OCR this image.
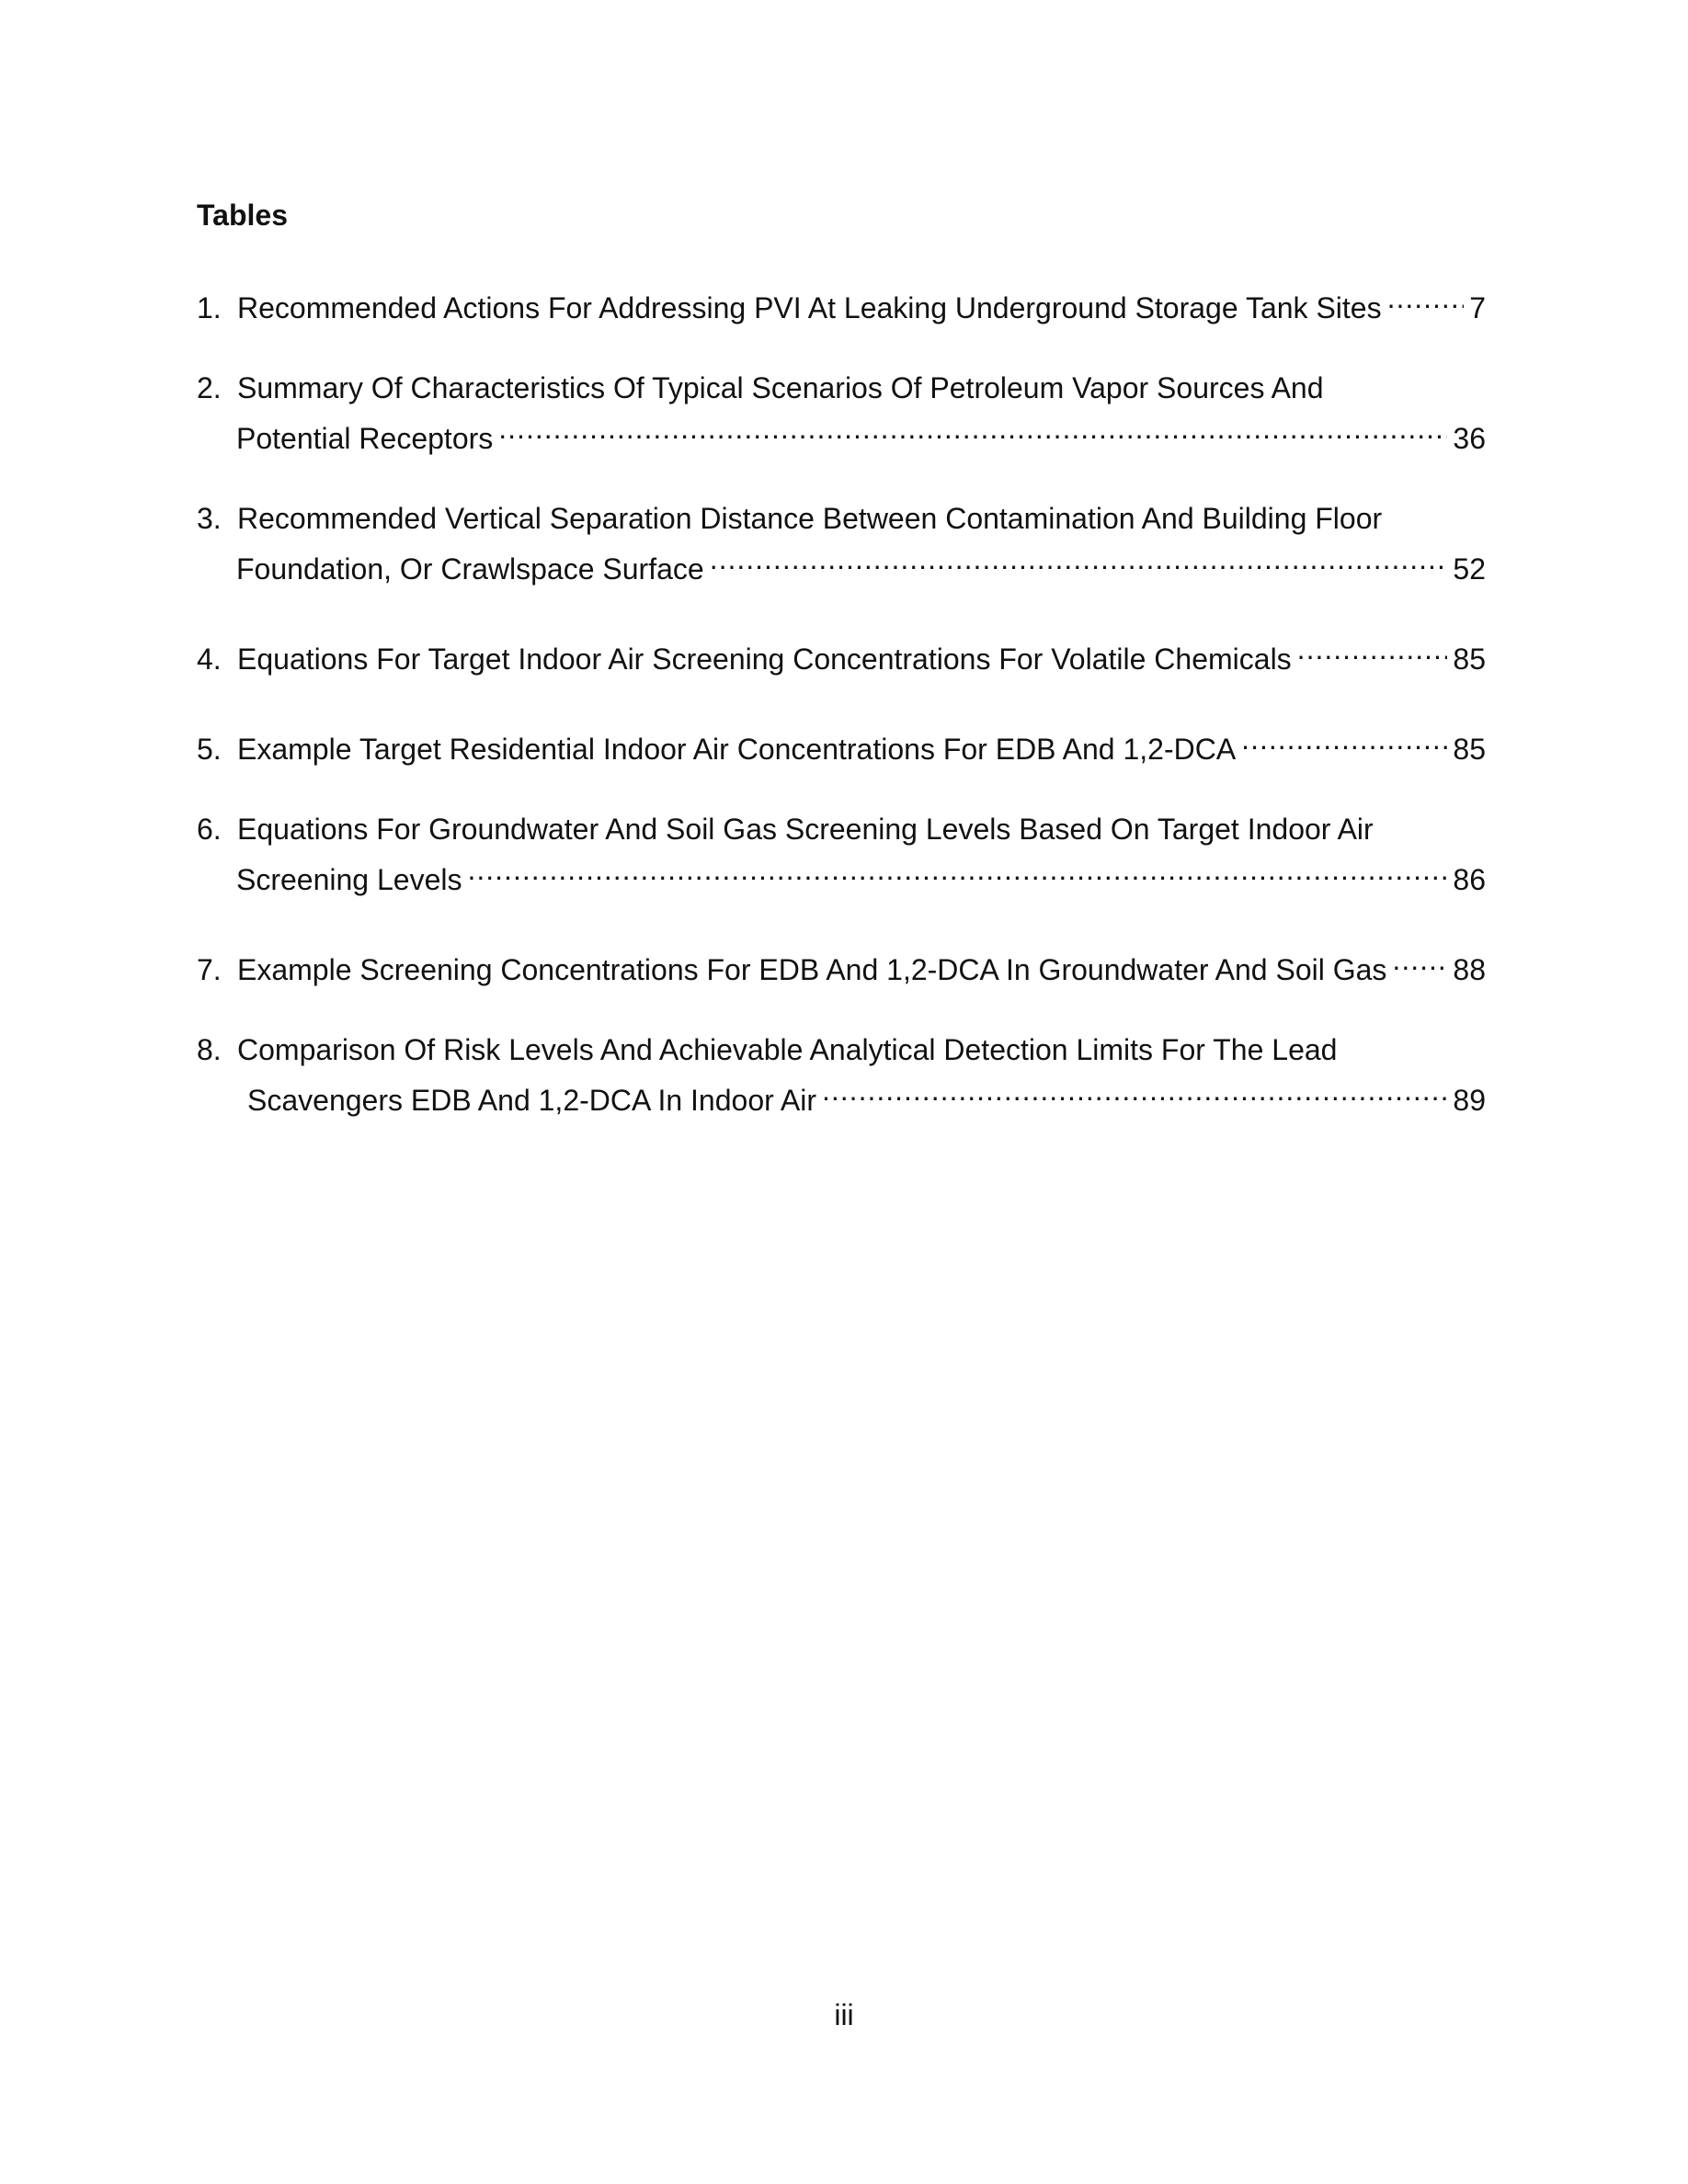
Tables
1. Recommended Actions For Addressing PVI At Leaking Underground Storage Tank Sites .....	7
2. Summary Of Characteristics Of Typical Scenarios Of Petroleum Vapor Sources And
Potential Receptors .....	36
3. Recommended Vertical Separation Distance Between Contamination And Building Floor
Foundation, Or Crawlspace Surface .....	52
4. Equations For Target Indoor Air Screening Concentrations For Volatile Chemicals .....	85
5. Example Target Residential Indoor Air Concentrations For EDB And 1,2-DCA .....	85
6. Equations For Groundwater And Soil Gas Screening Levels Based On Target Indoor Air
Screening Levels .....	86
7. Example Screening Concentrations For EDB And 1,2-DCA In Groundwater And Soil Gas ..... 88
8. Comparison Of Risk Levels And Achievable Analytical Detection Limits For The Lead
Scavengers EDB And 1,2-DCA In Indoor Air .....	89
iii
